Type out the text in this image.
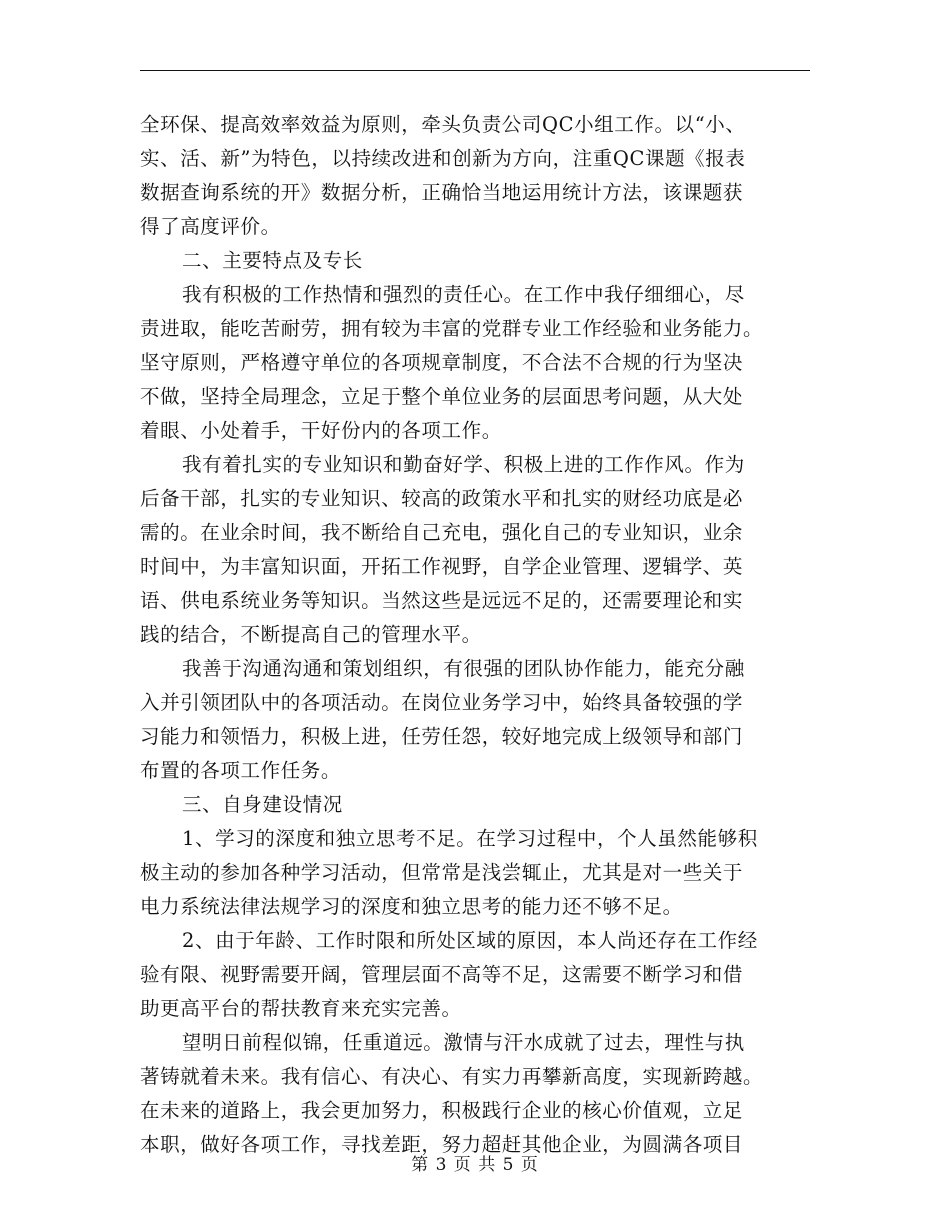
全环保、提高效率效益为原则，牵头负责公司QC小组工作。以“小、
实、活、新”为特色，以持续改进和创新为方向，注重QC课题《报表
数据查询系统的开》数据分析，正确恰当地运用统计方法，该课题获
得了高度评价。
二、主要特点及专长
我有积极的工作热情和强烈的责任心。在工作中我仔细细心，尽
责进取，能吃苦耐劳，拥有较为丰富的党群专业工作经验和业务能力。
坚守原则，严格遵守单位的各项规章制度，不合法不合规的行为坚决
不做，坚持全局理念，立足于整个单位业务的层面思考问题，从大处
着眼、小处着手，干好份内的各项工作。
我有着扎实的专业知识和勤奋好学、积极上进的工作作风。作为
后备干部，扎实的专业知识、较高的政策水平和扎实的财经功底是必
需的。在业余时间，我不断给自己充电，强化自己的专业知识，业余
时间中，为丰富知识面，开拓工作视野，自学企业管理、逻辑学、英
语、供电系统业务等知识。当然这些是远远不足的，还需要理论和实
践的结合，不断提高自己的管理水平。
我善于沟通沟通和策划组织，有很强的团队协作能力，能充分融
入并引领团队中的各项活动。在岗位业务学习中，始终具备较强的学
习能力和领悟力，积极上进，任劳任怨，较好地完成上级领导和部门
布置的各项工作任务。
三、自身建设情况
1、学习的深度和独立思考不足。在学习过程中，个人虽然能够积
极主动的参加各种学习活动，但常常是浅尝辄止，尤其是对一些关于
电力系统法律法规学习的深度和独立思考的能力还不够不足。
2、由于年龄、工作时限和所处区域的原因，本人尚还存在工作经
验有限、视野需要开阔，管理层面不高等不足，这需要不断学习和借
助更高平台的帮扶教育来充实完善。
望明日前程似锦，任重道远。激情与汗水成就了过去，理性与执
著铸就着未来。我有信心、有决心、有实力再攀新高度，实现新跨越。
在未来的道路上，我会更加努力，积极践行企业的核心价值观，立足
本职，做好各项工作，寻找差距，努力超赶其他企业，为圆满各项目
第 3 页 共 5 页
